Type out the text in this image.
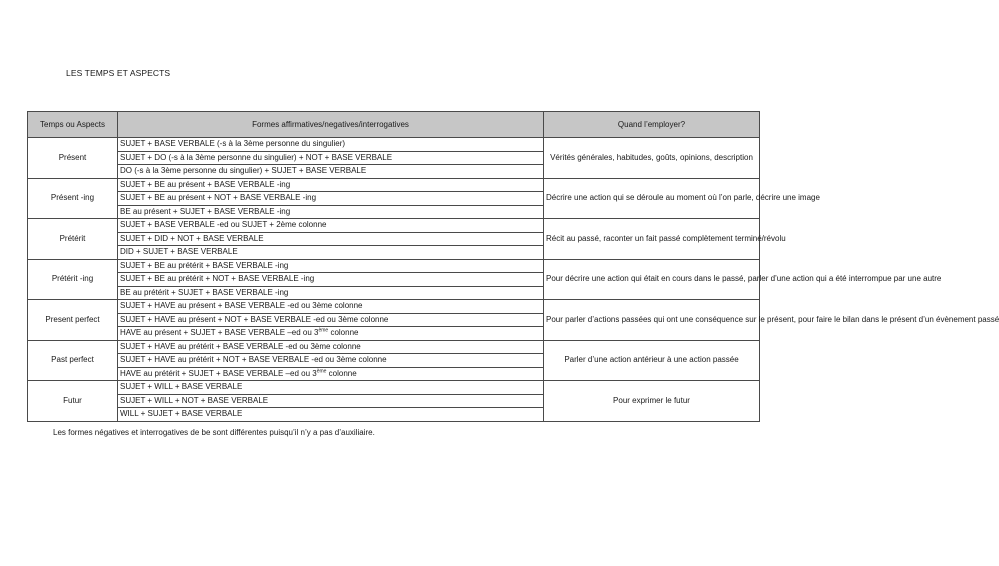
LES TEMPS ET ASPECTS
Temps ou Aspects	Formes affirmatives/negatives/interrogatives	Quand l’employer?
Présent	SUJET + BASE VERBALE (-s à la 3ème personne du singulier)	Vérités générales, habitudes, goûts, opinions, description
	SUJET + DO (-s à la 3ème personne du singulier) + NOT + BASE VERBALE	
	DO (-s à la 3ème personne du singulier) + SUJET + BASE VERBALE	
Présent -ing	SUJET + BE au présent + BASE VERBALE -ing	Décrire une action qui se déroule au moment où l’on parle, décrire une image
	SUJET + BE au présent + NOT + BASE VERBALE -ing	
	BE au présent + SUJET + BASE VERBALE -ing	
Prétérit	SUJET + BASE VERBALE -ed ou SUJET + 2ème colonne	Récit au passé, raconter un fait passé complètement terminé/révolu
	SUJET + DID + NOT + BASE VERBALE	
	DID + SUJET + BASE VERBALE	
Prétérit -ing	SUJET + BE au prétérit + BASE VERBALE -ing	Pour décrire une action qui était en cours dans le passé, parler d’une action qui a été interrompue par une autre
	SUJET + BE au prétérit + NOT + BASE VERBALE -ing	
	BE au prétérit + SUJET + BASE VERBALE -ing	
Present perfect	SUJET + HAVE au présent + BASE VERBALE -ed ou 3ème colonne	Pour parler d’actions passées qui ont une conséquence sur le présent, pour faire le bilan dans le présent d’un évènement passé
	SUJET + HAVE au présent + NOT + BASE VERBALE -ed ou 3ème colonne	
	HAVE au présent + SUJET + BASE VERBALE –ed ou 3ème colonne	
Past perfect	SUJET + HAVE au prétérit + BASE VERBALE -ed ou 3ème colonne	Parler d’une action antérieur à une action passée
	SUJET + HAVE au prétérit + NOT + BASE VERBALE -ed ou 3ème colonne	
	HAVE au prétérit + SUJET + BASE VERBALE –ed ou 3ème colonne	
Futur	SUJET + WILL + BASE VERBALE	Pour exprimer le futur
	SUJET + WILL + NOT + BASE VERBALE	
	WILL + SUJET + BASE VERBALE	
Les formes négatives et interrogatives de be sont différentes puisqu’il n’y a pas d’auxiliaire.
